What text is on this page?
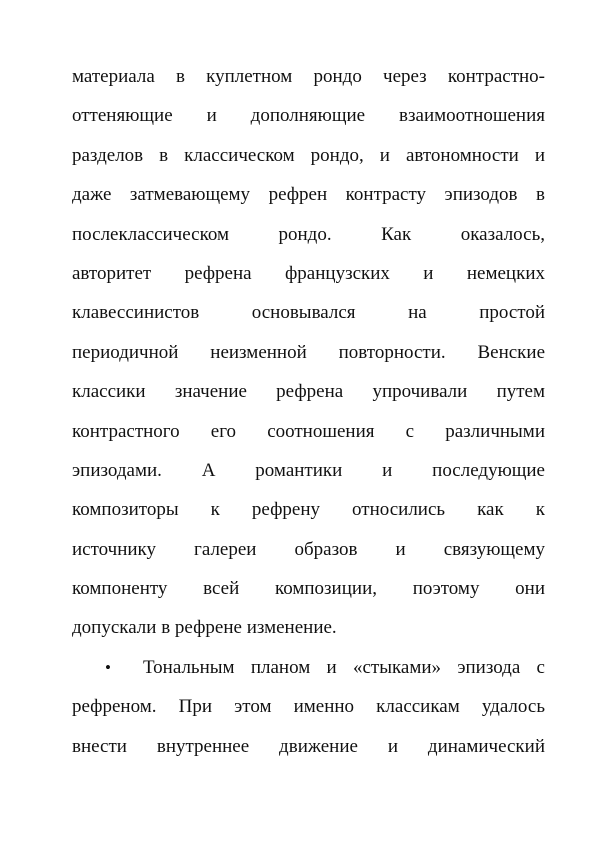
материала в куплетном рондо через контрастно-
оттеняющие и дополняющие взаимоотношения
разделов в классическом рондо, и автономности и
даже затмевающему рефрен контрасту эпизодов в
послеклассическом рондо. Как оказалось,
авторитет рефрена французских и немецких
клавессинистов основывался на простой
периодичной неизменной повторности. Венские
классики значение рефрена упрочивали путем
контрастного его соотношения с различными
эпизодами. А романтики и последующие
композиторы к рефрену относились как к
источнику галереи образов и связующему
компоненту всей композиции, поэтому они
допускали в рефрене изменение.
•	Тональным планом и «стыками» эпизода с
рефреном. При этом именно классикам удалось
внести внутреннее движение и динамический
